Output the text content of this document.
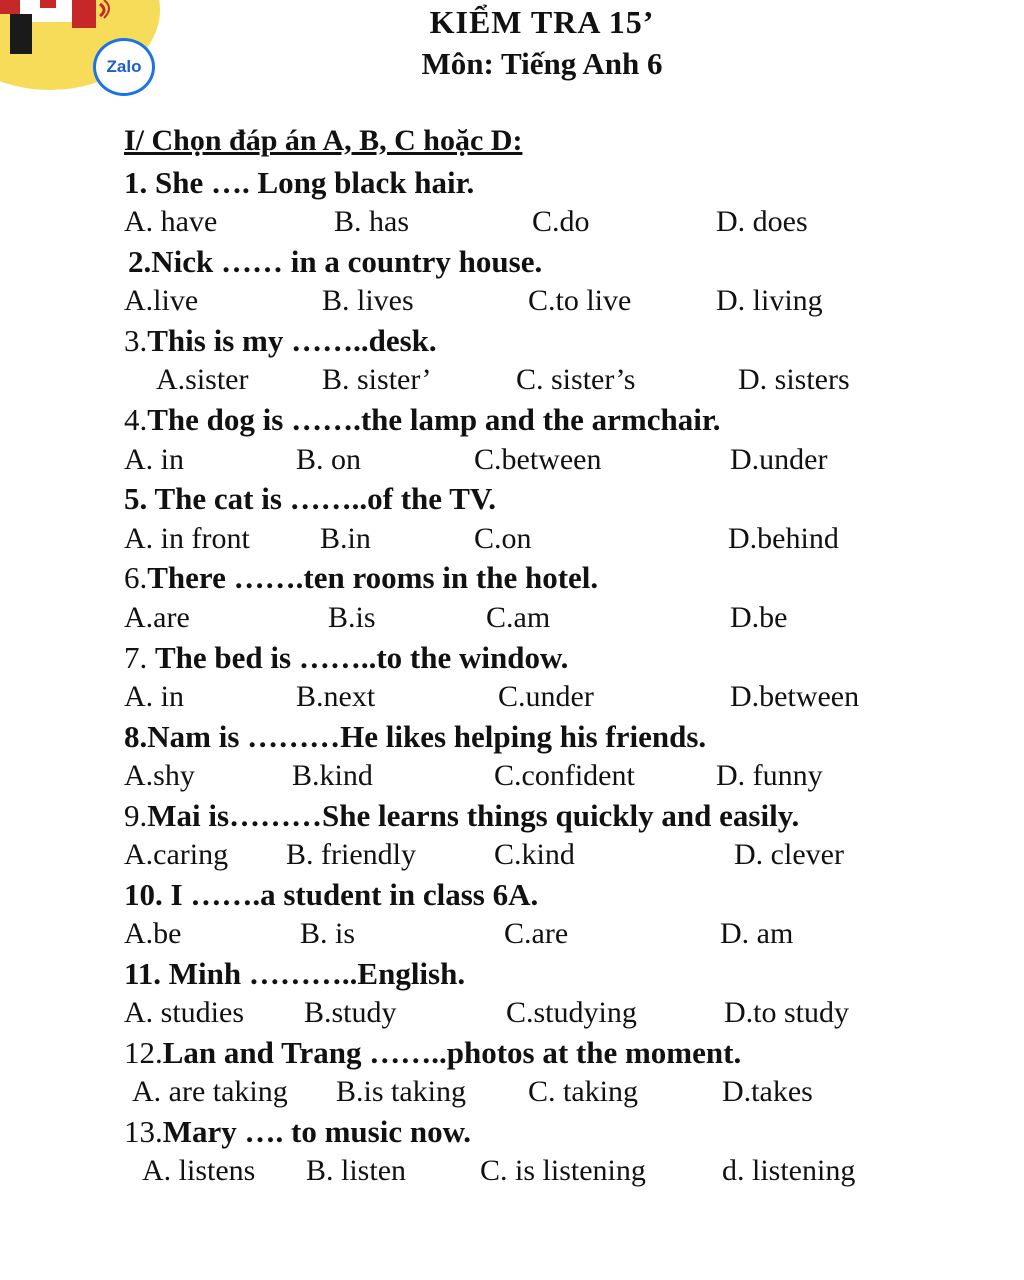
Zalo
KIỂM TRA 15’
Môn: Tiếng Anh 6
I/ Chọn đáp án A, B, C hoặc D:
1. She …. Long black hair.
A. have	B. has	C.do	D. does
2.Nick …… in a country house.
A.live	B. lives	C.to live	D. living
3.This is my ……..desk.
A.sister B. sister’	C. sister’s	D. sisters
4.The dog is …….the lamp and the armchair.
A. in	B. on	C.between	D.under
5. The cat is ……..of the TV.
A. in front B.in	C.on	D.behind
6.There …….ten rooms in the hotel.
A.are	B.is	C.am	D.be
7. The bed is ……..to the window.
A. in	B.next	C.under	D.between
8.Nam is ………He likes helping his friends.
A.shy	B.kind	C.confident	D. funny
9.Mai is………She learns things quickly and easily.
A.caring B. friendly	C.kind	D. clever
10. I …….a student in class 6A.
A.be	B. is	C.are	D. am
11. Minh ………..English.
A. studies B.study	C.studying	D.to study
12.Lan and Trang ……..photos at the moment.
A. are taking B.is taking C. taking	D.takes
13.Mary …. to music now.
A. listens B. listen C. is listening	d. listening
